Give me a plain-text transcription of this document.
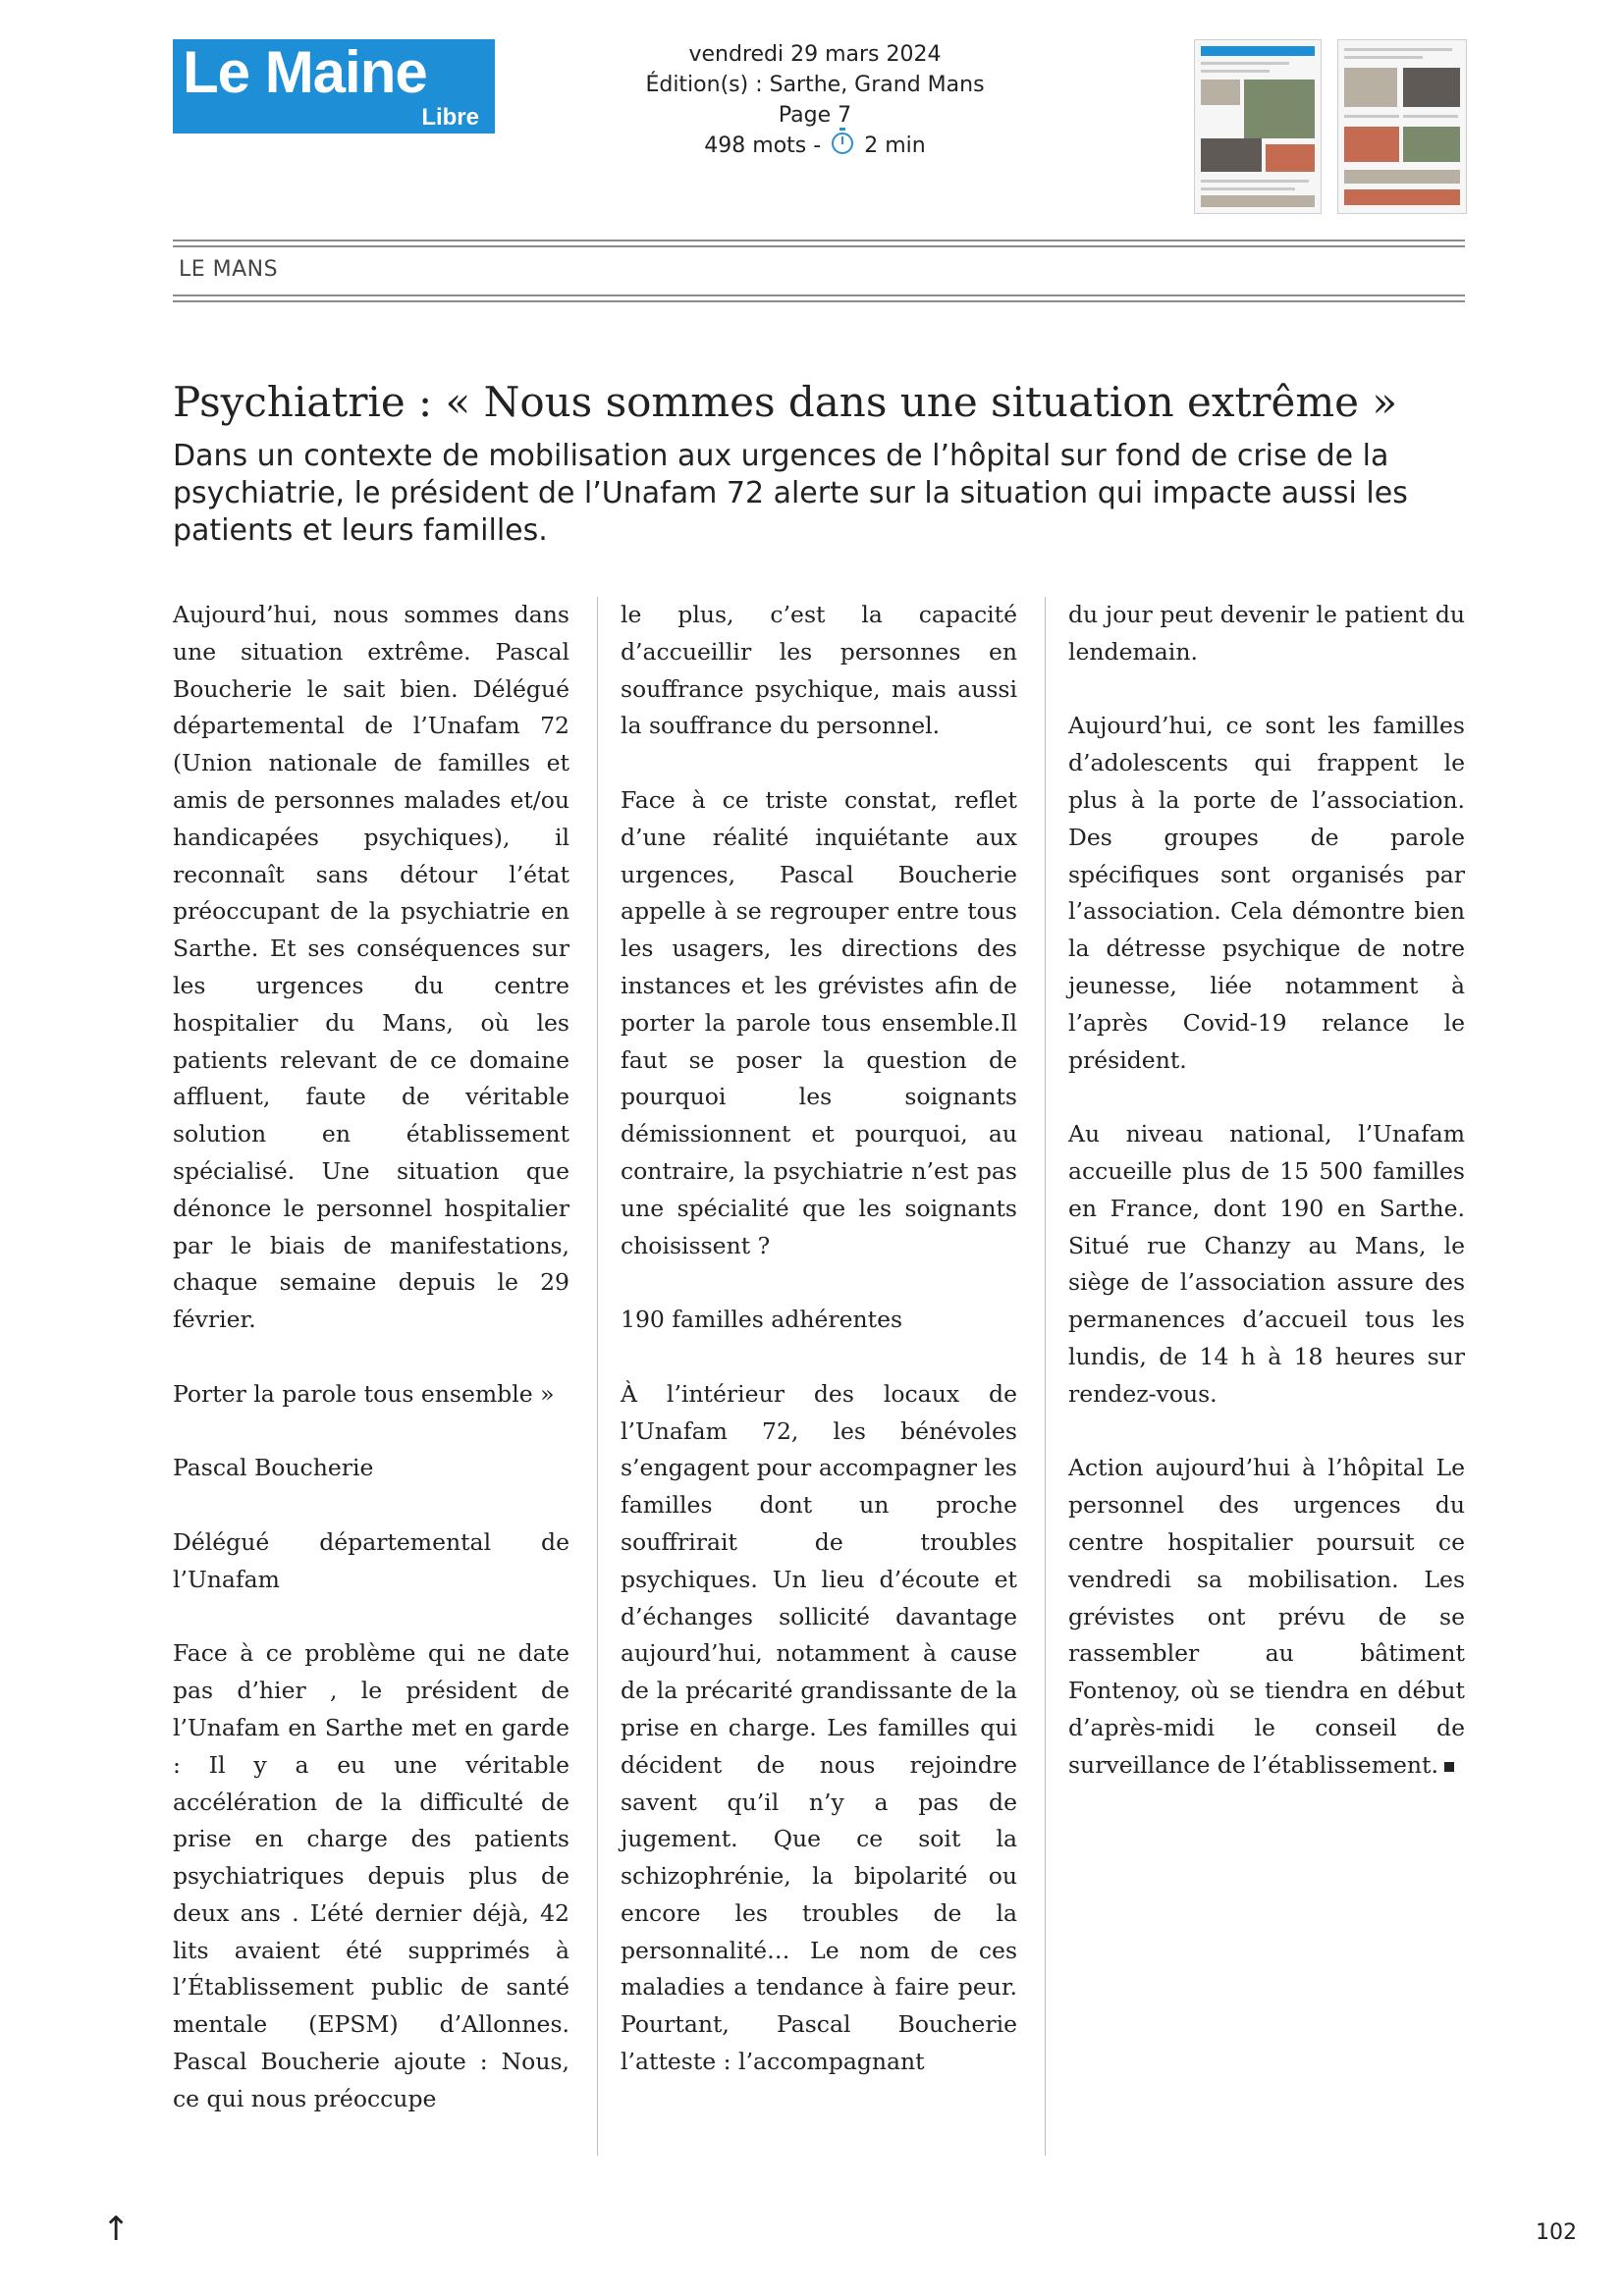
Le Maine
Libre
vendredi 29 mars 2024
Édition(s) : Sarthe, Grand Mans
Page 7
498 mots - 2 min
LE MANS
Psychiatrie : « Nous sommes dans une situation extrême »

Dans un contexte de mobilisation aux urgences de l’hôpital sur fond de crise de la psychiatrie, le président de l’Unafam 72 alerte sur la situation qui impacte aussi les patients et leurs familles.

Aujourd’hui, nous sommes dans une situation extrême. Pascal Boucherie le sait bien. Délégué départemental de l’Unafam 72 (Union nationale de familles et amis de personnes malades et/ou handicapées psychiques), il reconnaît sans détour l’état préoccupant de la psychiatrie en Sarthe. Et ses conséquences sur les urgences du centre hospitalier du Mans, où les patients relevant de ce domaine affluent, faute de véritable solution en établissement spécialisé. Une situation que dénonce le personnel hospitalier par le biais de manifestations, chaque semaine depuis le 29 février.

Porter la parole tous ensemble »

Pascal Boucherie

Délégué départemental de l’Unafam

Face à ce problème qui ne date pas d’hier , le président de l’Unafam en Sarthe met en garde : Il y a eu une véritable accélération de la difficulté de prise en charge des patients psychiatriques depuis plus de deux ans . L’été dernier déjà, 42 lits avaient été supprimés à l’Établissement public de santé mentale (EPSM) d’Allonnes. Pascal Boucherie ajoute : Nous, ce qui nous préoccupe

le plus, c’est la capacité d’accueillir les personnes en souffrance psychique, mais aussi la souffrance du personnel.

Face à ce triste constat, reflet d’une réalité inquiétante aux urgences, Pascal Boucherie appelle à se regrouper entre tous les usagers, les directions des instances et les grévistes afin de porter la parole tous ensemble.Il faut se poser la question de pourquoi les soignants démissionnent et pourquoi, au contraire, la psychiatrie n’est pas une spécialité que les soignants choisissent ?

190 familles adhérentes

À l’intérieur des locaux de l’Unafam 72, les bénévoles s’engagent pour accompagner les familles dont un proche souffrirait de troubles psychiques. Un lieu d’écoute et d’échanges sollicité davantage aujourd’hui, notamment à cause de la précarité grandissante de la prise en charge. Les familles qui décident de nous rejoindre savent qu’il n’y a pas de jugement. Que ce soit la schizophrénie, la bipolarité ou encore les troubles de la personnalité… Le nom de ces maladies a tendance à faire peur. Pourtant, Pascal Boucherie l’atteste : l’accompagnant

du jour peut devenir le patient du lendemain.

Aujourd’hui, ce sont les familles d’adolescents qui frappent le plus à la porte de l’association. Des groupes de parole spécifiques sont organisés par l’association. Cela démontre bien la détresse psychique de notre jeunesse, liée notamment à l’après Covid-19 relance le président.

Au niveau national, l’Unafam accueille plus de 15 500 familles en France, dont 190 en Sarthe. Situé rue Chanzy au Mans, le siège de l’association assure des permanences d’accueil tous les lundis, de 14 h à 18 heures sur rendez-vous.

Action aujourd’hui à l’hôpital Le personnel des urgences du centre hospitalier poursuit ce vendredi sa mobilisation. Les grévistes ont prévu de se rassembler au bâtiment Fontenoy, où se tiendra en début d’après-midi le conseil de surveillance de l’établissement.

↑	102
